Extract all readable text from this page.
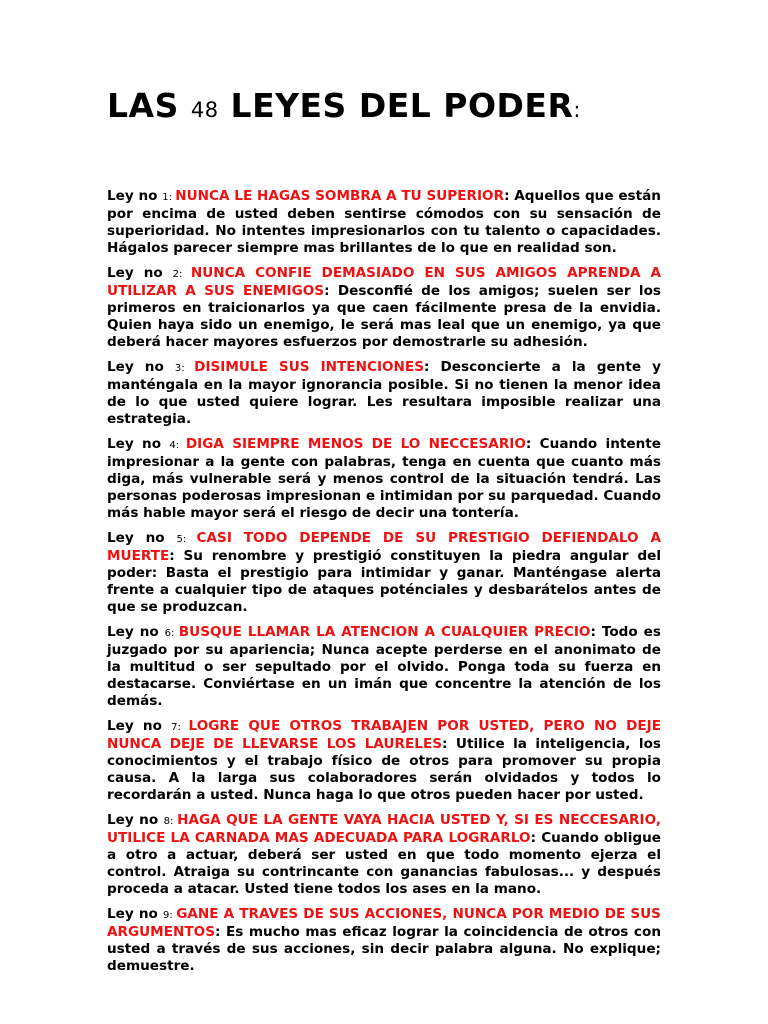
LAS 48 LEYES DEL PODER:

Ley no 1: NUNCA LE HAGAS SOMBRA A TU SUPERIOR: Aquellos que están por encima de usted deben sentirse cómodos con su sensación de superioridad. No intentes impresionarlos con tu talento o capacidades. Hágalos parecer siempre mas brillantes de lo que en realidad son.

Ley no 2: NUNCA CONFIE DEMASIADO EN SUS AMIGOS APRENDA A UTILIZAR A SUS ENEMIGOS: Desconfié de los amigos; suelen ser los primeros en traicionarlos ya que caen fácilmente presa de la envidia. Quien haya sido un enemigo, le será mas leal que un enemigo, ya que deberá hacer mayores esfuerzos por demostrarle su adhesión.

Ley no 3: DISIMULE SUS INTENCIONES: Desconcierte a la gente y manténgala en la mayor ignorancia posible. Si no tienen la menor idea de lo que usted quiere lograr. Les resultara imposible realizar una estrategia.

Ley no 4: DIGA SIEMPRE MENOS DE LO NECCESARIO: Cuando intente impresionar a la gente con palabras, tenga en cuenta que cuanto más diga, más vulnerable será y menos control de la situación tendrá. Las personas poderosas impresionan e intimidan por su parquedad. Cuando más hable mayor será el riesgo de decir una tontería.

Ley no 5: CASI TODO DEPENDE DE SU PRESTIGIO DEFIENDALO A MUERTE: Su renombre y prestigió constituyen la piedra angular del poder: Basta el prestigio para intimidar y ganar. Manténgase alerta frente a cualquier tipo de ataques poténciales y desbarátelos antes de que se produzcan.

Ley no 6: BUSQUE LLAMAR LA ATENCION A CUALQUIER PRECIO: Todo es juzgado por su apariencia; Nunca acepte perderse en el anonimato de la multitud o ser sepultado por el olvido. Ponga toda su fuerza en destacarse. Conviértase en un imán que concentre la atención de los demás.

Ley no 7: LOGRE QUE OTROS TRABAJEN POR USTED, PERO NO DEJE NUNCA DEJE DE LLEVARSE LOS LAURELES: Utilice la inteligencia, los conocimientos y el trabajo físico de otros para promover su propia causa. A la larga sus colaboradores serán olvidados y todos lo recordarán a usted. Nunca haga lo que otros pueden hacer por usted.

Ley no 8: HAGA QUE LA GENTE VAYA HACIA USTED Y, SI ES NECCESARIO, UTILICE LA CARNADA MAS ADECUADA PARA LOGRARLO: Cuando obligue a otro a actuar, deberá ser usted en que todo momento ejerza el control. Atraiga su contrincante con ganancias fabulosas... y después proceda a atacar. Usted tiene todos los ases en la mano.

Ley no 9: GANE A TRAVES DE SUS ACCIONES, NUNCA POR MEDIO DE SUS ARGUMENTOS: Es mucho mas eficaz lograr la coincidencia de otros con usted a través de sus acciones, sin decir palabra alguna. No explique; demuestre.
